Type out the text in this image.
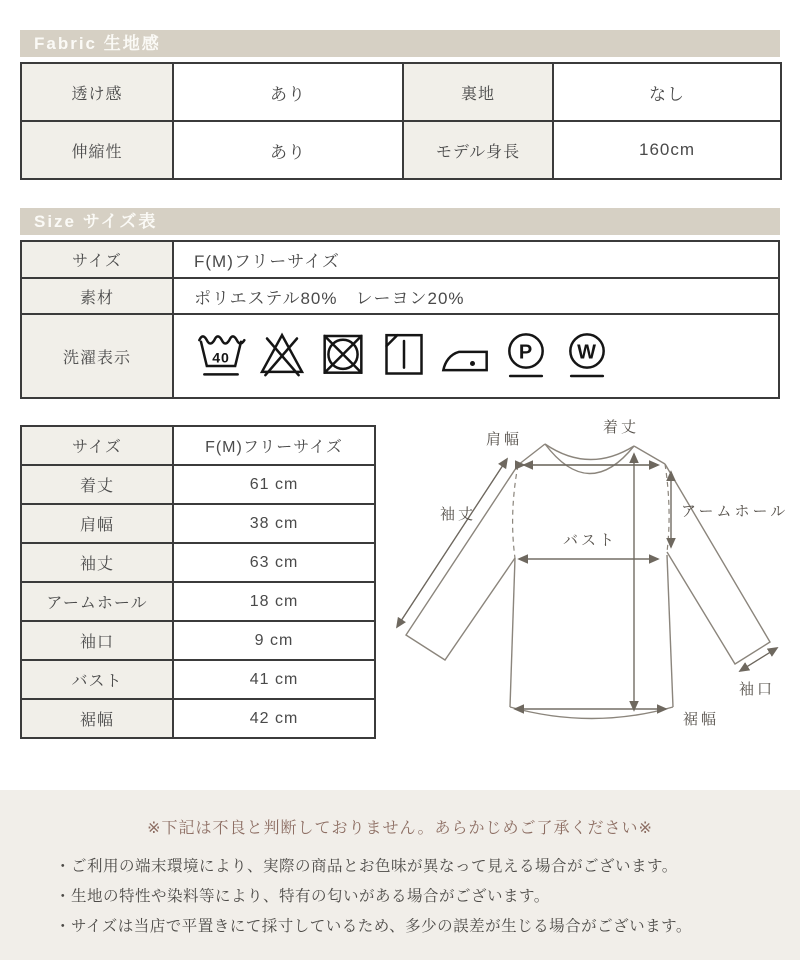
Fabric 生地感
透け感	あり	裏地	なし
伸縮性	あり	モデル身長	160cm
Size サイズ表
サイズ	F(M)フリーサイズ
素材	ポリエステル80%　レーヨン20%
洗濯表示	40 P W
サイズ	F(M)フリーサイズ
着丈	61 cm
肩幅	38 cm
袖丈	63 cm
アームホール	18 cm
袖口	9 cm
バスト	41 cm
裾幅	42 cm
着丈
肩幅
袖丈	アームホール
バスト
袖口
裾幅
※下記は不良と判断しておりません。あらかじめご了承ください※
・ご利用の端末環境により、実際の商品とお色味が異なって見える場合がございます。
・生地の特性や染料等により、特有の匂いがある場合がございます。
・サイズは当店で平置きにて採寸しているため、多少の誤差が生じる場合がございます。
